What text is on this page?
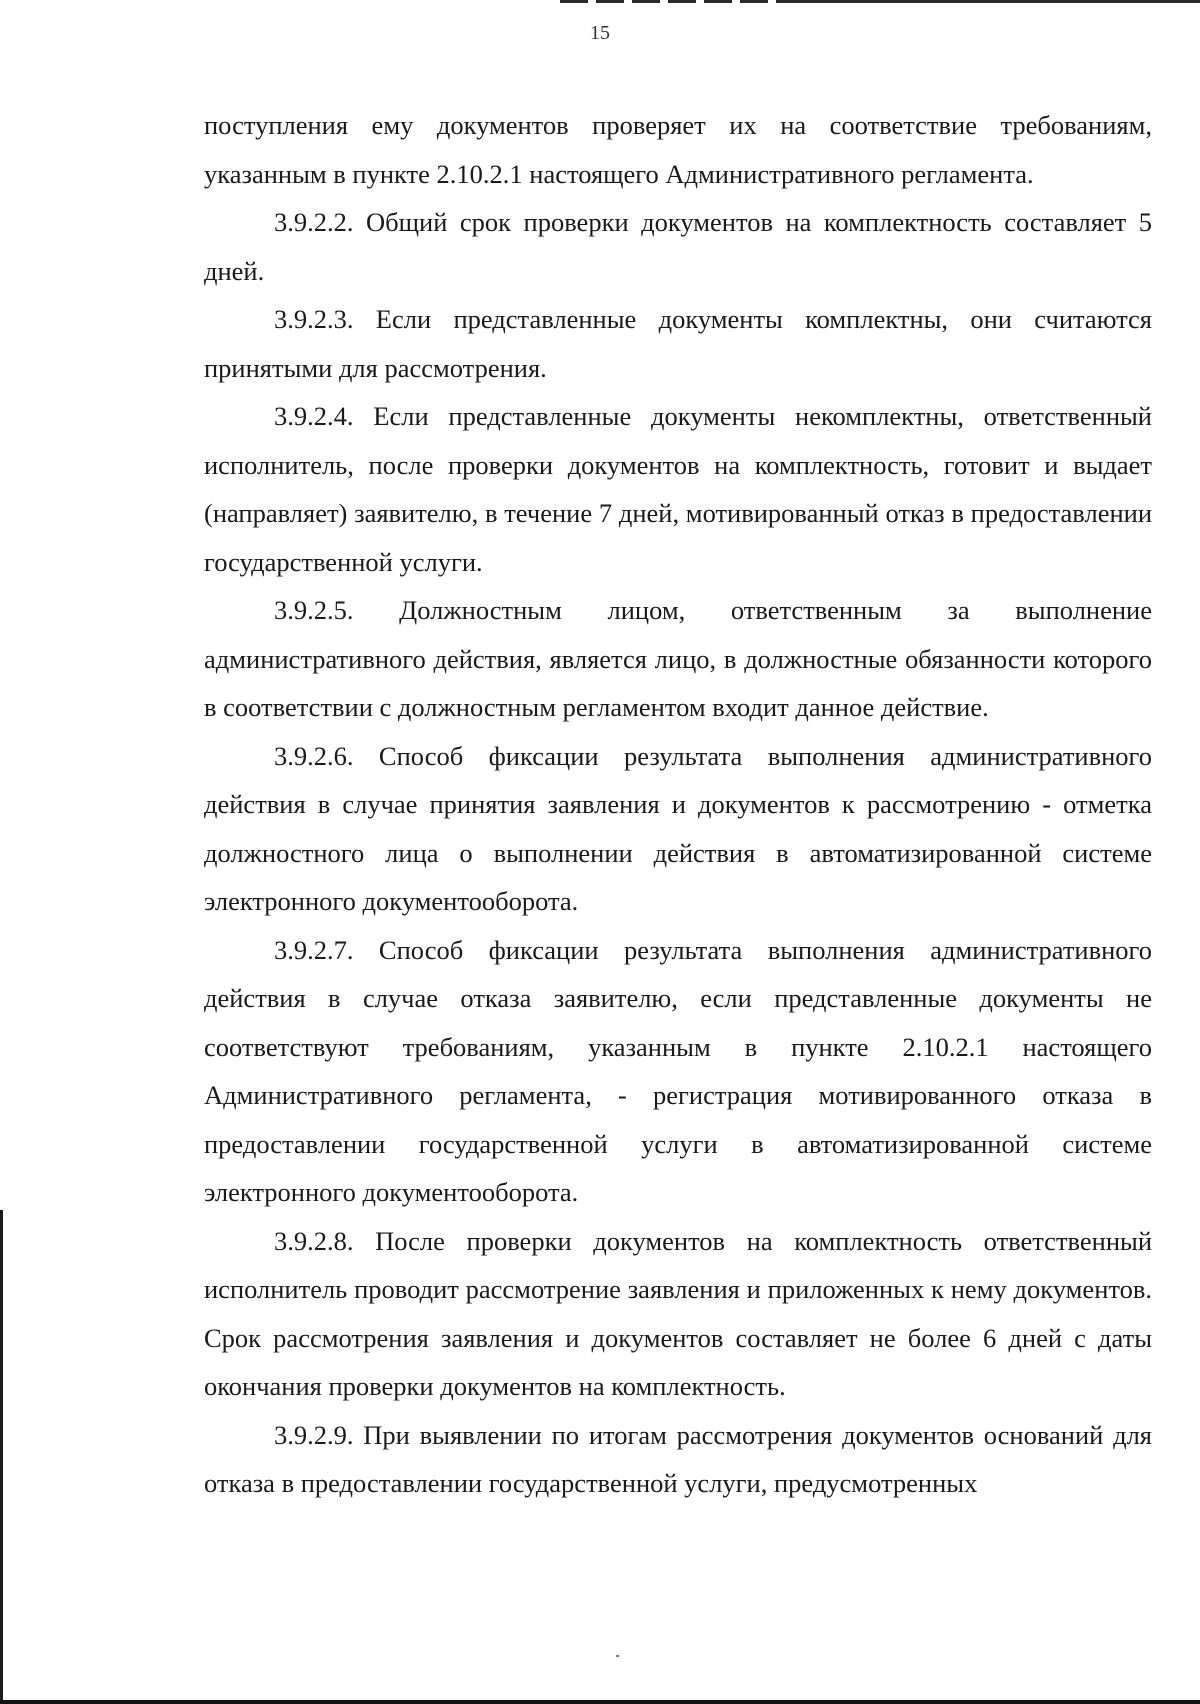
15

поступления ему документов проверяет их на соответствие требованиям, указанным в пункте 2.10.2.1 настоящего Административного регламента.

3.9.2.2. Общий срок проверки документов на комплектность составляет 5 дней.

3.9.2.3. Если представленные документы комплектны, они считаются принятыми для рассмотрения.

3.9.2.4. Если представленные документы некомплектны, ответственный исполнитель, после проверки документов на комплектность, готовит и выдает (направляет) заявителю, в течение 7 дней, мотивированный отказ в предоставлении государственной услуги.

3.9.2.5. Должностным лицом, ответственным за выполнение административного действия, является лицо, в должностные обязанности которого в соответствии с должностным регламентом входит данное действие.

3.9.2.6. Способ фиксации результата выполнения административного действия в случае принятия заявления и документов к рассмотрению - отметка должностного лица о выполнении действия в автоматизированной системе электронного документооборота.

3.9.2.7. Способ фиксации результата выполнения административного действия в случае отказа заявителю, если представленные документы не соответствуют требованиям, указанным в пункте 2.10.2.1 настоящего Административного регламента, - регистрация мотивированного отказа в предоставлении государственной услуги в автоматизированной системе электронного документооборота.

3.9.2.8. После проверки документов на комплектность ответственный исполнитель проводит рассмотрение заявления и приложенных к нему документов. Срок рассмотрения заявления и документов составляет не более 6 дней с даты окончания проверки документов на комплектность.

3.9.2.9. При выявлении по итогам рассмотрения документов оснований для отказа в предоставлении государственной услуги, предусмотренных
